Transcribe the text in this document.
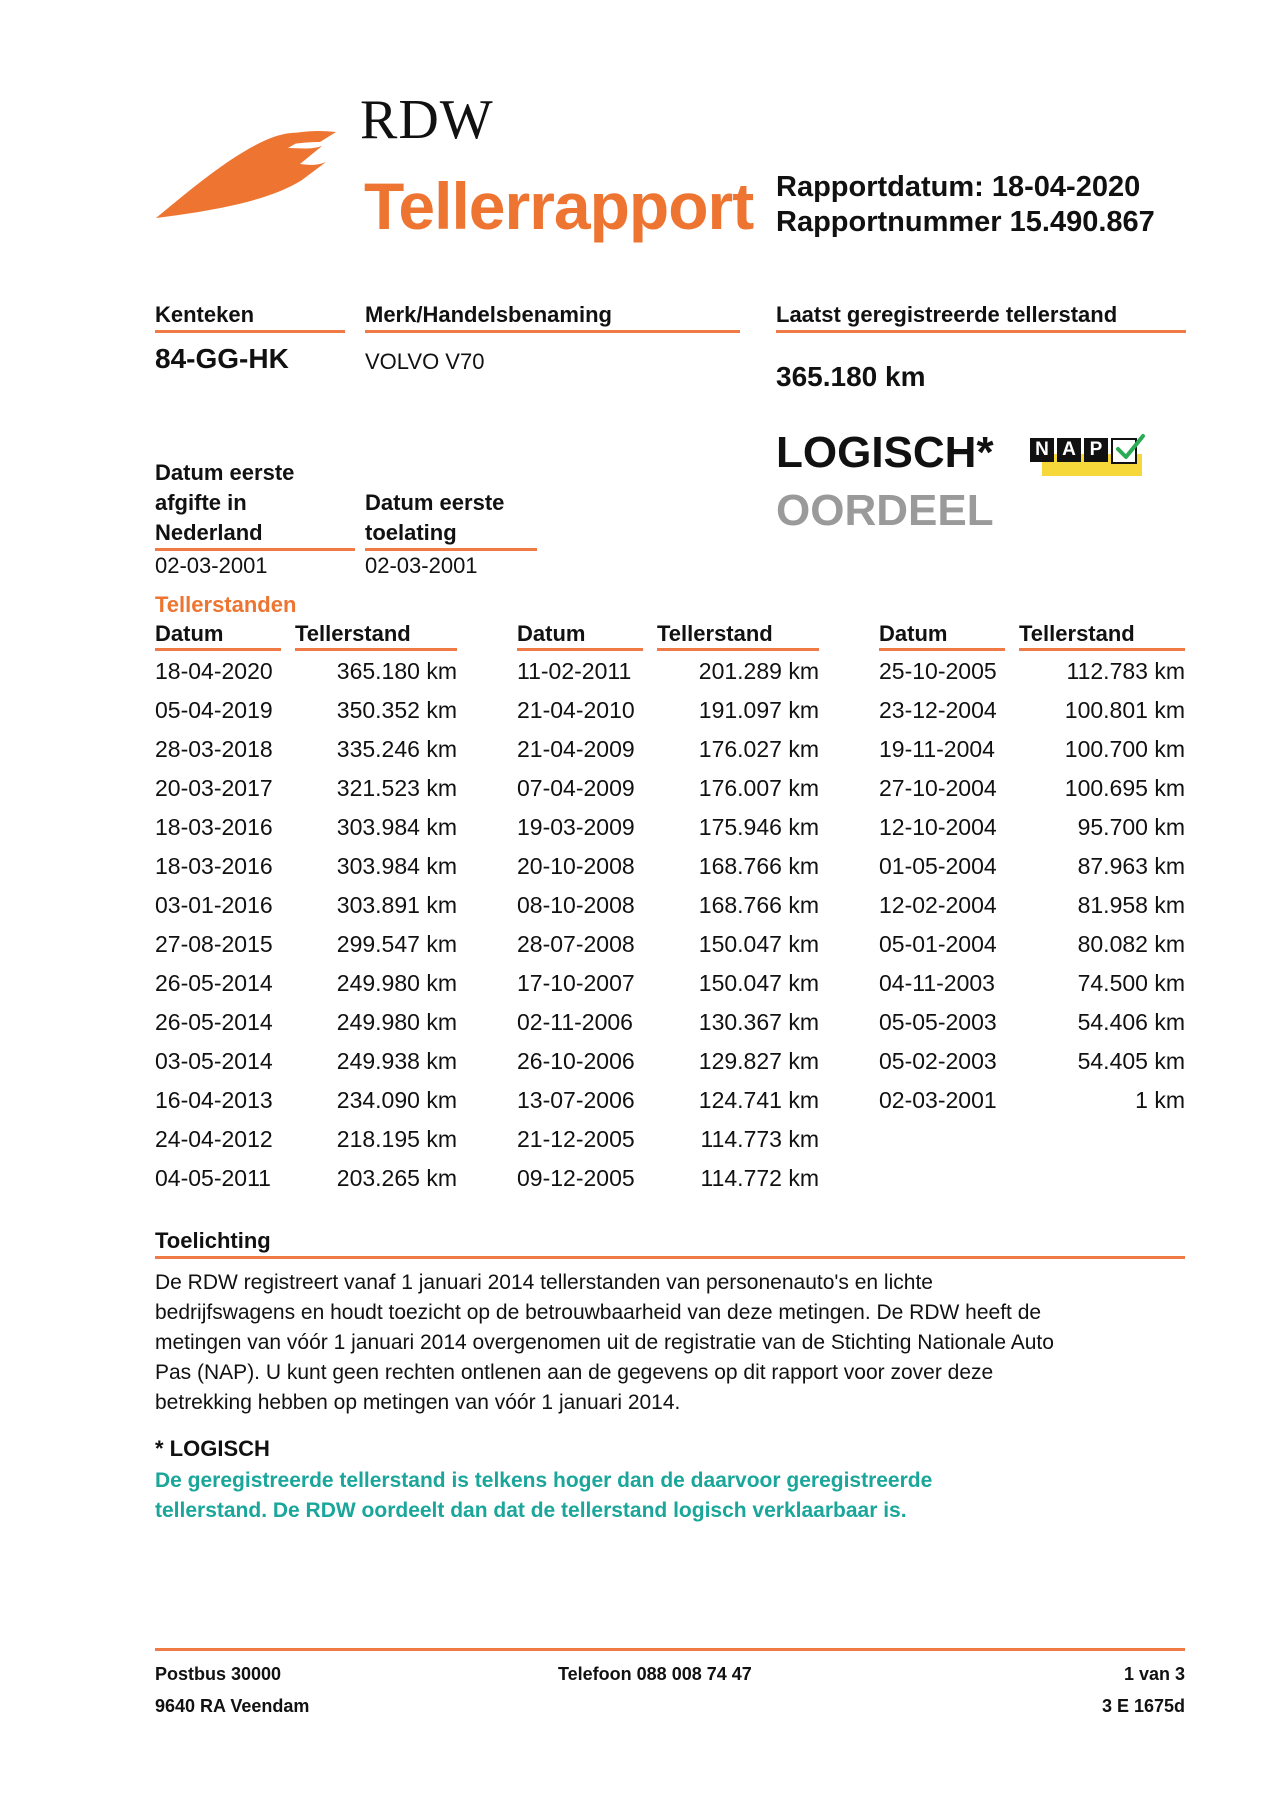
RDW
Tellerrapport Rapportdatum: 18-04-2020
Rapportnummer 15.490.867
Kenteken
84-GG-HK
Merk/Handelsbenaming
VOLVO V70
Laatst geregistreerde tellerstand
365.180 km
Datum eerste
afgifte in
Nederland
02-03-2001
Datum eerste
toelating
02-03-2001
LOGISCH*
OORDEEL
N A P
Tellerstanden
Datum	Tellerstand
18-04-2020	365.180 km
05-04-2019	350.352 km
28-03-2018	335.246 km
20-03-2017	321.523 km
18-03-2016	303.984 km
18-03-2016	303.984 km
03-01-2016	303.891 km
27-08-2015	299.547 km
26-05-2014	249.980 km
26-05-2014	249.980 km
03-05-2014	249.938 km
16-04-2013	234.090 km
24-04-2012	218.195 km
04-05-2011	203.265 km
Datum	Tellerstand
11-02-2011	201.289 km
21-04-2010	191.097 km
21-04-2009	176.027 km
07-04-2009	176.007 km
19-03-2009	175.946 km
20-10-2008	168.766 km
08-10-2008	168.766 km
28-07-2008	150.047 km
17-10-2007	150.047 km
02-11-2006	130.367 km
26-10-2006	129.827 km
13-07-2006	124.741 km
21-12-2005	114.773 km
09-12-2005	114.772 km
Datum	Tellerstand
25-10-2005	112.783 km
23-12-2004	100.801 km
19-11-2004	100.700 km
27-10-2004	100.695 km
12-10-2004	95.700 km
01-05-2004	87.963 km
12-02-2004	81.958 km
05-01-2004	80.082 km
04-11-2003	74.500 km
05-05-2003	54.406 km
05-02-2003	54.405 km
02-03-2001	1 km
Toelichting
De RDW registreert vanaf 1 januari 2014 tellerstanden van personenauto's en lichte
bedrijfswagens en houdt toezicht op de betrouwbaarheid van deze metingen. De RDW heeft de
metingen van vóór 1 januari 2014 overgenomen uit de registratie van de Stichting Nationale Auto
Pas (NAP). U kunt geen rechten ontlenen aan de gegevens op dit rapport voor zover deze
betrekking hebben op metingen van vóór 1 januari 2014.
* LOGISCH
De geregistreerde tellerstand is telkens hoger dan de daarvoor geregistreerde
tellerstand. De RDW oordeelt dan dat de tellerstand logisch verklaarbaar is.
Postbus 30000
9640 RA Veendam
Telefoon 088 008 74 47	1 van 3
3 E 1675d
